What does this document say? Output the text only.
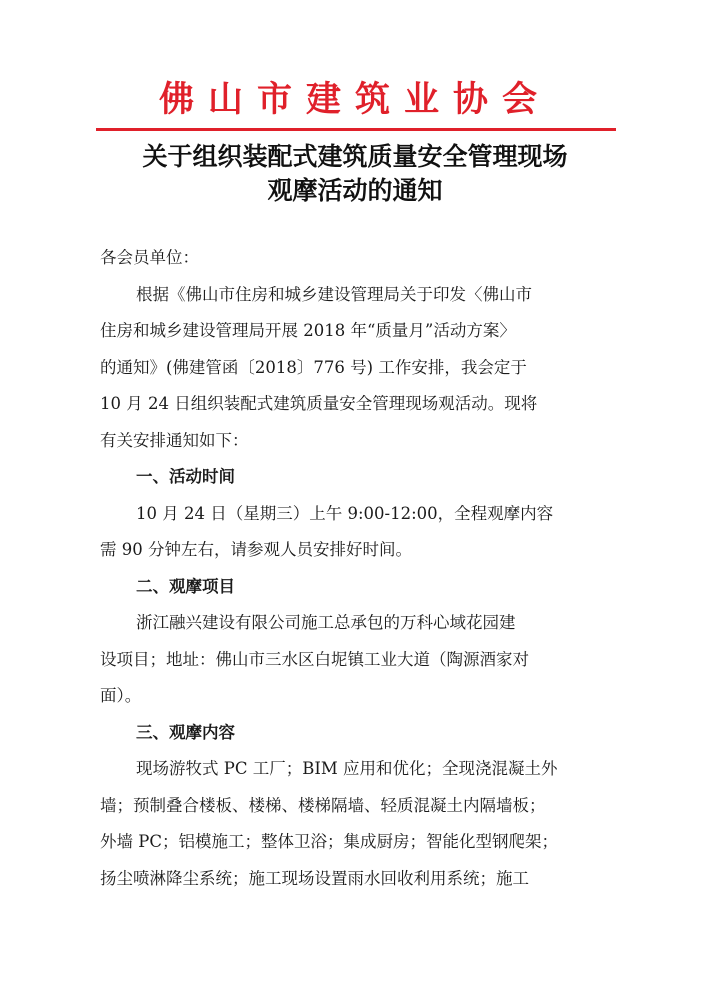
佛山市建筑业协会
关于组织装配式建筑质量安全管理现场
观摩活动的通知
各会员单位：
根据《佛山市住房和城乡建设管理局关于印发〈佛山市
住房和城乡建设管理局开展 2018 年“质量月”活动方案〉
的通知》(佛建管函〔2018〕776 号) 工作安排，我会定于
10 月 24 日组织装配式建筑质量安全管理现场观活动。现将
有关安排通知如下：
一、活动时间
10 月 24 日（星期三）上午 9:00-12:00，全程观摩内容
需 90 分钟左右，请参观人员安排好时间。
二、观摩项目
浙江融兴建设有限公司施工总承包的万科心域花园建
设项目；地址：佛山市三水区白坭镇工业大道（陶源酒家对
面）。
三、观摩内容
现场游牧式 PC 工厂；BIM 应用和优化；全现浇混凝土外
墙；预制叠合楼板、楼梯、楼梯隔墙、轻质混凝土内隔墙板；
外墙 PC；铝模施工；整体卫浴；集成厨房；智能化型钢爬架；
扬尘喷淋降尘系统；施工现场设置雨水回收利用系统；施工
